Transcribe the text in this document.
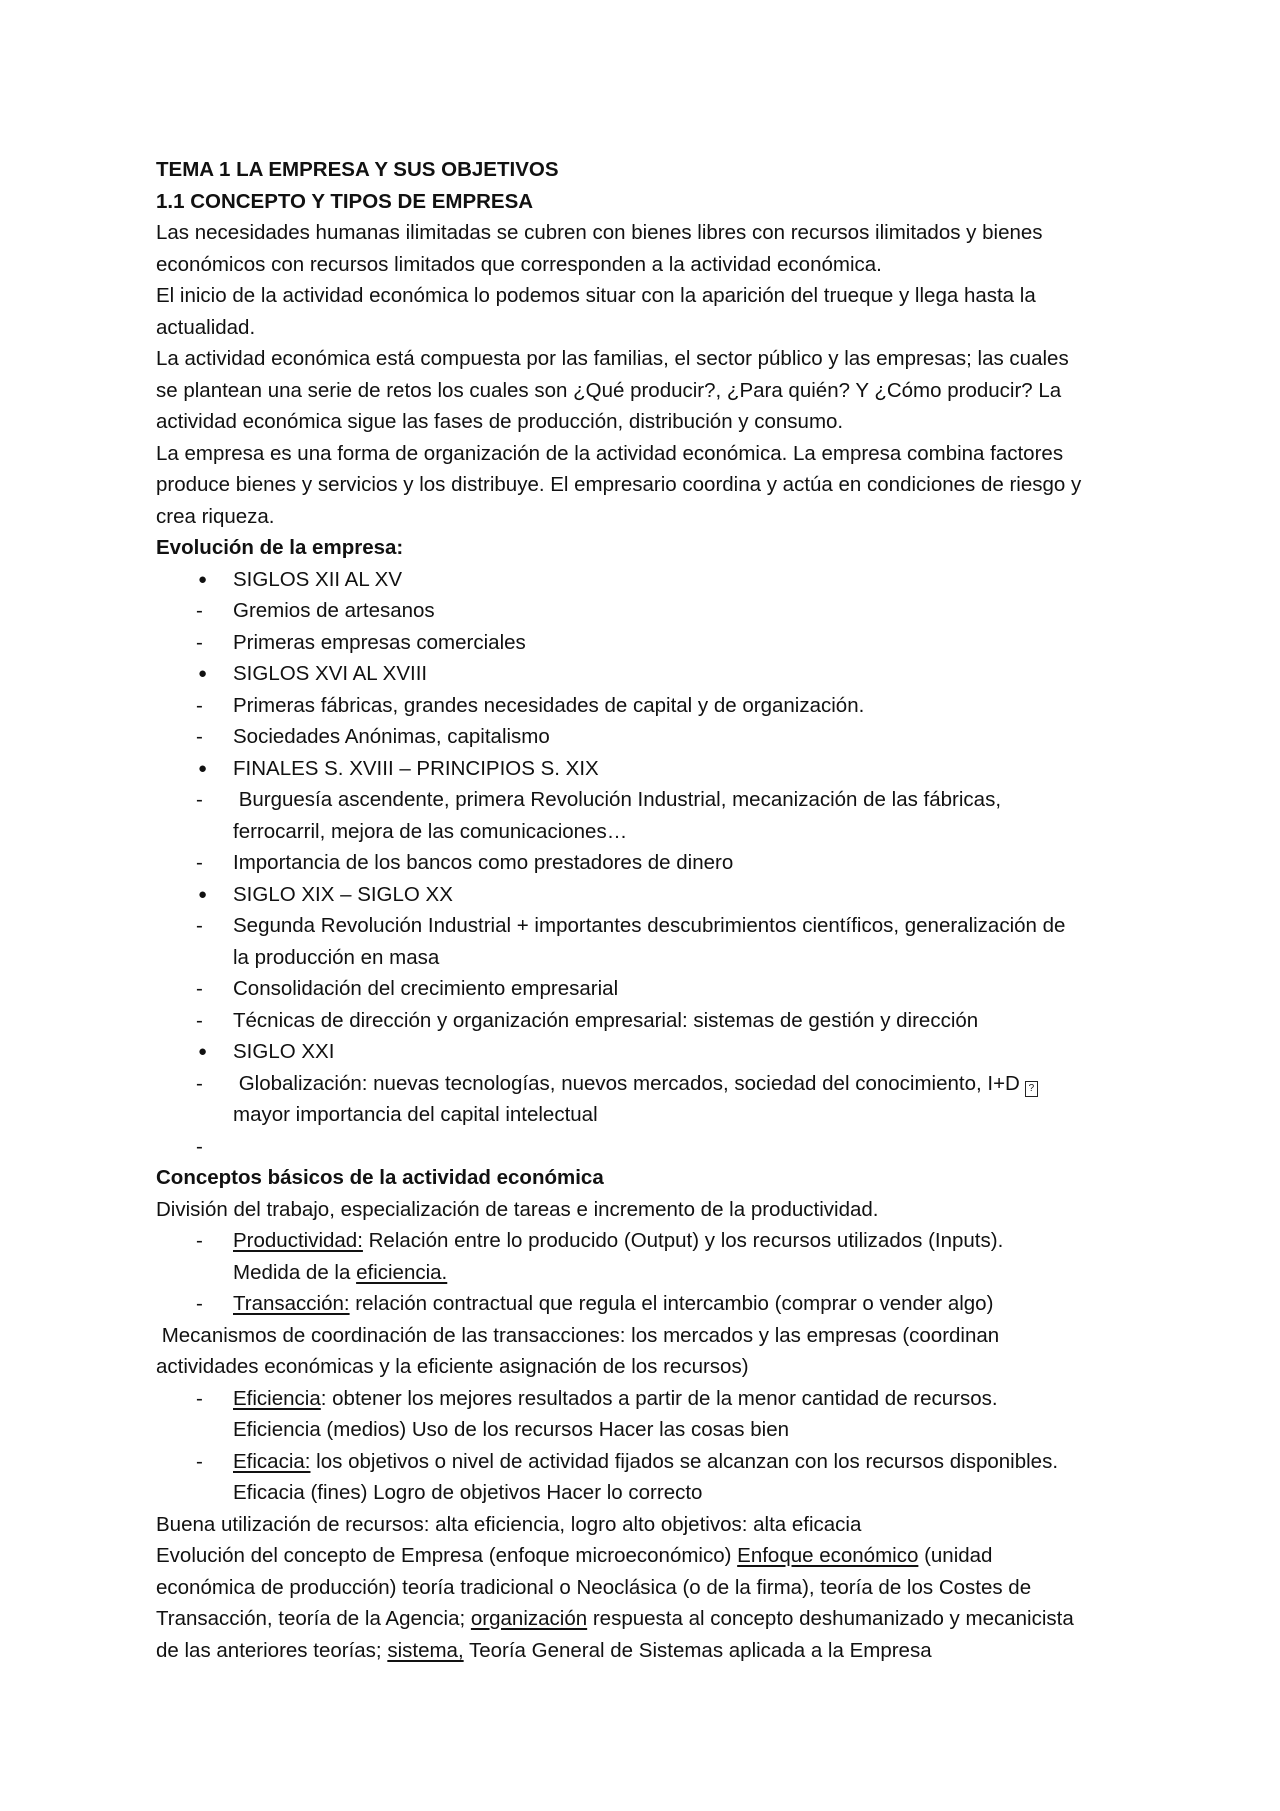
TEMA 1 LA EMPRESA Y SUS OBJETIVOS
1.1 CONCEPTO Y TIPOS DE EMPRESA
Las necesidades humanas ilimitadas se cubren con bienes libres con recursos ilimitados y bienes
económicos con recursos limitados que corresponden a la actividad económica.
El inicio de la actividad económica lo podemos situar con la aparición del trueque y llega hasta la
actualidad.
La actividad económica está compuesta por las familias, el sector público y las empresas; las cuales
se plantean una serie de retos los cuales son ¿Qué producir?, ¿Para quién? Y ¿Cómo producir? La
actividad económica sigue las fases de producción, distribución y consumo.
La empresa es una forma de organización de la actividad económica. La empresa combina factores
produce bienes y servicios y los distribuye. El empresario coordina y actúa en condiciones de riesgo y
crea riqueza.
Evolución de la empresa:
● SIGLOS XII AL XV
- Gremios de artesanos
- Primeras empresas comerciales
● SIGLOS XVI AL XVIII
- Primeras fábricas, grandes necesidades de capital y de organización.
- Sociedades Anónimas, capitalismo
● FINALES S. XVIII – PRINCIPIOS S. XIX
- Burguesía ascendente, primera Revolución Industrial, mecanización de las fábricas,
ferrocarril, mejora de las comunicaciones…
- Importancia de los bancos como prestadores de dinero
● SIGLO XIX – SIGLO XX
- Segunda Revolución Industrial + importantes descubrimientos científicos, generalización de
la producción en masa
- Consolidación del crecimiento empresarial
- Técnicas de dirección y organización empresarial: sistemas de gestión y dirección
● SIGLO XXI
- Globalización: nuevas tecnologías, nuevos mercados, sociedad del conocimiento, I+D ?
mayor importancia del capital intelectual
-
Conceptos básicos de la actividad económica
División del trabajo, especialización de tareas e incremento de la productividad.
- Productividad: Relación entre lo producido (Output) y los recursos utilizados (Inputs).
Medida de la eficiencia.
- Transacción: relación contractual que regula el intercambio (comprar o vender algo)
Mecanismos de coordinación de las transacciones: los mercados y las empresas (coordinan
actividades económicas y la eficiente asignación de los recursos)
- Eficiencia: obtener los mejores resultados a partir de la menor cantidad de recursos.
Eficiencia (medios) Uso de los recursos Hacer las cosas bien
- Eficacia: los objetivos o nivel de actividad fijados se alcanzan con los recursos disponibles.
Eficacia (fines) Logro de objetivos Hacer lo correcto
Buena utilización de recursos: alta eficiencia, logro alto objetivos: alta eficacia
Evolución del concepto de Empresa (enfoque microeconómico) Enfoque económico (unidad
económica de producción) teoría tradicional o Neoclásica (o de la firma), teoría de los Costes de
Transacción, teoría de la Agencia; organización respuesta al concepto deshumanizado y mecanicista
de las anteriores teorías; sistema, Teoría General de Sistemas aplicada a la Empresa
